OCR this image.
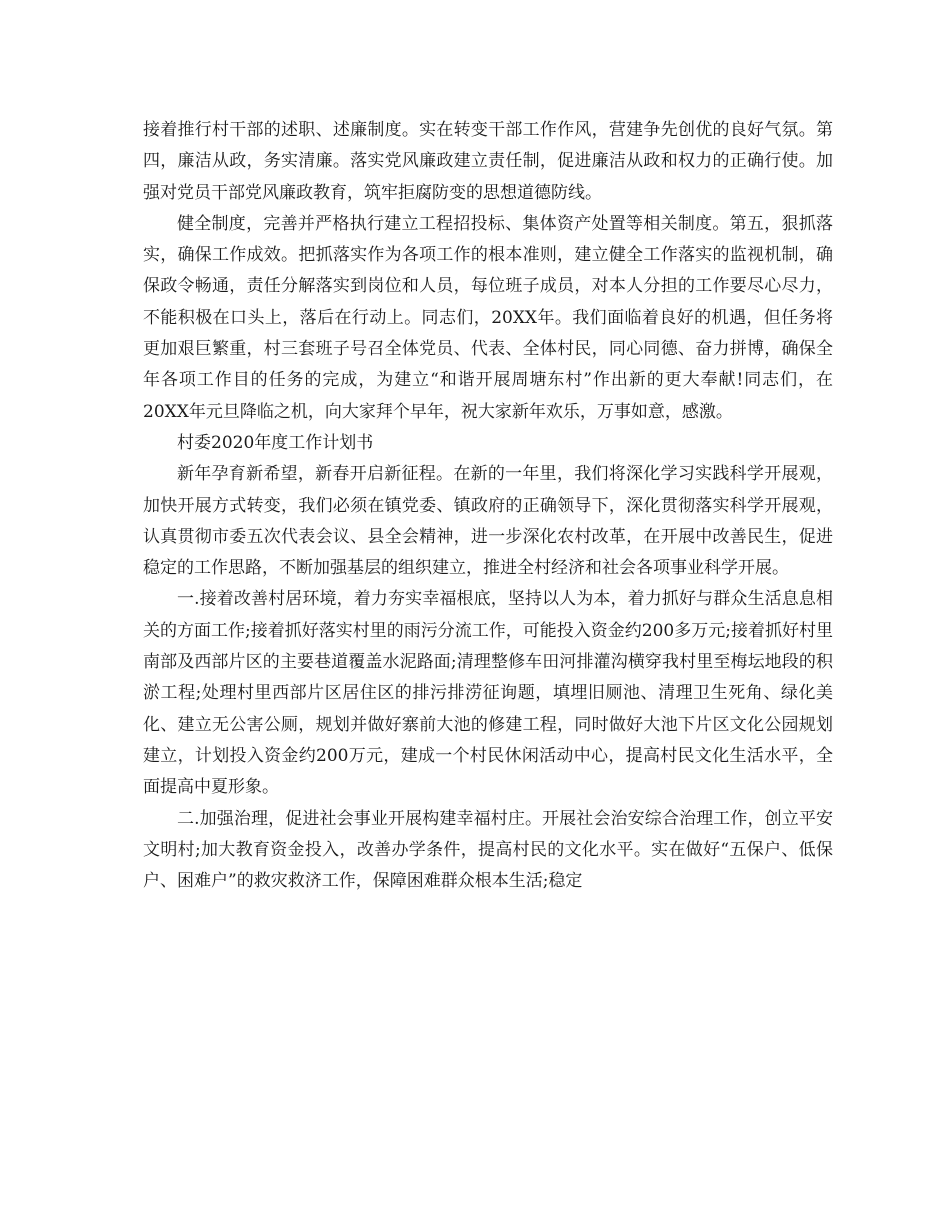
接着推行村干部的述职、述廉制度。实在转变干部工作作风，营建争先创优的良好气氛。第四，廉洁从政，务实清廉。落实党风廉政建立责任制，促进廉洁从政和权力的正确行使。加强对党员干部党风廉政教育，筑牢拒腐防变的思想道德防线。

健全制度，完善并严格执行建立工程招投标、集体资产处置等相关制度。第五，狠抓落实，确保工作成效。把抓落实作为各项工作的根本准则，建立健全工作落实的监视机制，确保政令畅通，责任分解落实到岗位和人员，每位班子成员，对本人分担的工作要尽心尽力，不能积极在口头上，落后在行动上。同志们，20XX年。我们面临着良好的机遇，但任务将更加艰巨繁重，村三套班子号召全体党员、代表、全体村民，同心同德、奋力拼博，确保全年各项工作目的任务的完成，为建立“和谐开展周塘东村”作出新的更大奉献!同志们，在20XX年元旦降临之机，向大家拜个早年，祝大家新年欢乐，万事如意，感激。

村委2020年度工作计划书

新年孕育新希望，新春开启新征程。在新的一年里，我们将深化学习实践科学开展观，加快开展方式转变，我们必须在镇党委、镇政府的正确领导下，深化贯彻落实科学开展观，认真贯彻市委五次代表会议、县全会精神，进一步深化农村改革，在开展中改善民生，促进稳定的工作思路，不断加强基层的组织建立，推进全村经济和社会各项事业科学开展。

一.接着改善村居环境，着力夯实幸福根底，坚持以人为本，着力抓好与群众生活息息相关的方面工作;接着抓好落实村里的雨污分流工作，可能投入资金约200多万元;接着抓好村里南部及西部片区的主要巷道覆盖水泥路面;清理整修车田河排灌沟横穿我村里至梅坛地段的积淤工程;处理村里西部片区居住区的排污排涝征询题，填埋旧厕池、清理卫生死角、绿化美化、建立无公害公厕，规划并做好寨前大池的修建工程，同时做好大池下片区文化公园规划建立，计划投入资金约200万元，建成一个村民休闲活动中心，提高村民文化生活水平，全面提高中夏形象。

二.加强治理，促进社会事业开展构建幸福村庄。开展社会治安综合治理工作，创立平安文明村;加大教育资金投入，改善办学条件，提高村民的文化水平。实在做好“五保户、低保户、困难户”的救灾救济工作，保障困难群众根本生活;稳定
